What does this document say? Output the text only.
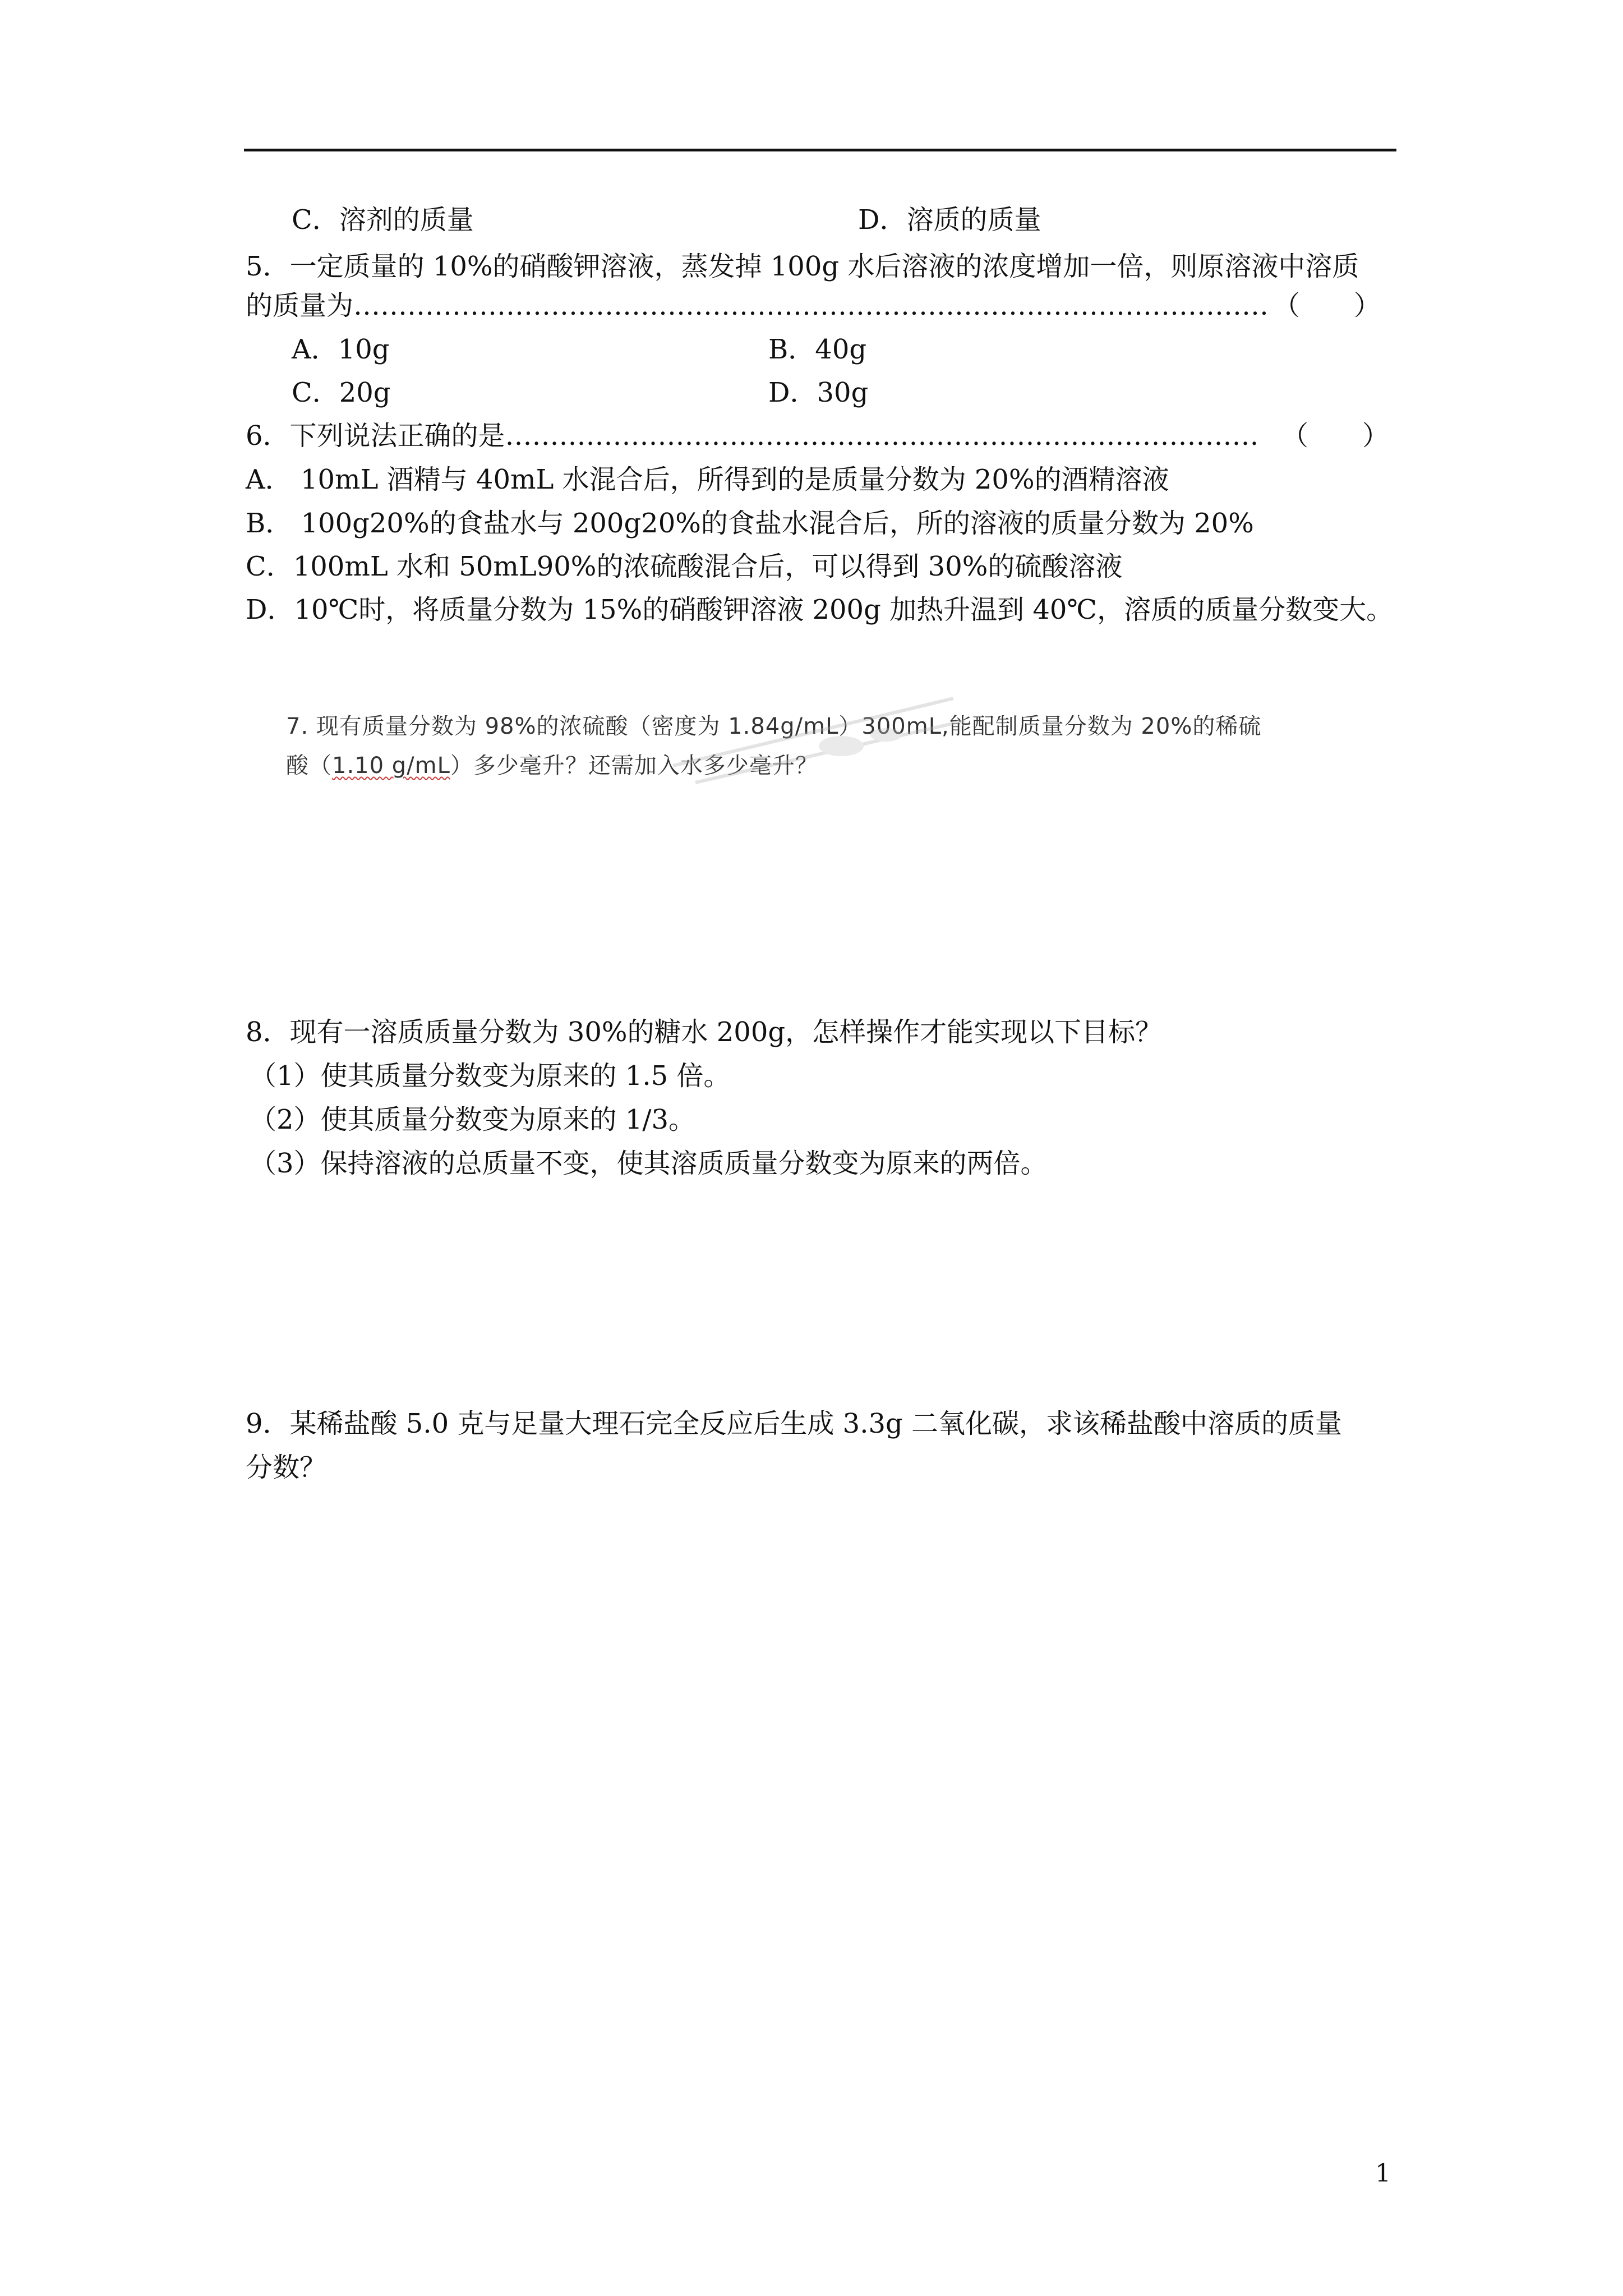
C．溶剂的质量	D．溶质的质量
5．一定质量的 10%的硝酸钾溶液，蒸发掉 100g 水后溶液的浓度增加一倍，则原溶液中溶质
的质量为………………………………………………………………………………………… （　　）
A．10g	B．40g
C．20g	D．30g
6．下列说法正确的是………………………………………………………………………… （　　）
A． 10mL 酒精与 40mL 水混合后，所得到的是质量分数为 20%的酒精溶液
B． 100g20%的食盐水与 200g20%的食盐水混合后，所的溶液的质量分数为 20%
C．100mL 水和 50mL90%的浓硫酸混合后，可以得到 30%的硫酸溶液
D．10℃时，将质量分数为 15%的硝酸钾溶液 200g 加热升温到 40℃，溶质的质量分数变大。
7. 现有质量分数为 98%的浓硫酸（密度为 1.84g/mL）300mL,能配制质量分数为 20%的稀硫
酸（1.10 g/mL）多少毫升？还需加入水多少毫升？
8．现有一溶质质量分数为 30%的糖水 200g，怎样操作才能实现以下目标？
（1）使其质量分数变为原来的 1.5 倍。
（2）使其质量分数变为原来的 1/3。
（3）保持溶液的总质量不变，使其溶质质量分数变为原来的两倍。
9．某稀盐酸 5.0 克与足量大理石完全反应后生成 3.3g 二氧化碳，求该稀盐酸中溶质的质量
分数？
1
